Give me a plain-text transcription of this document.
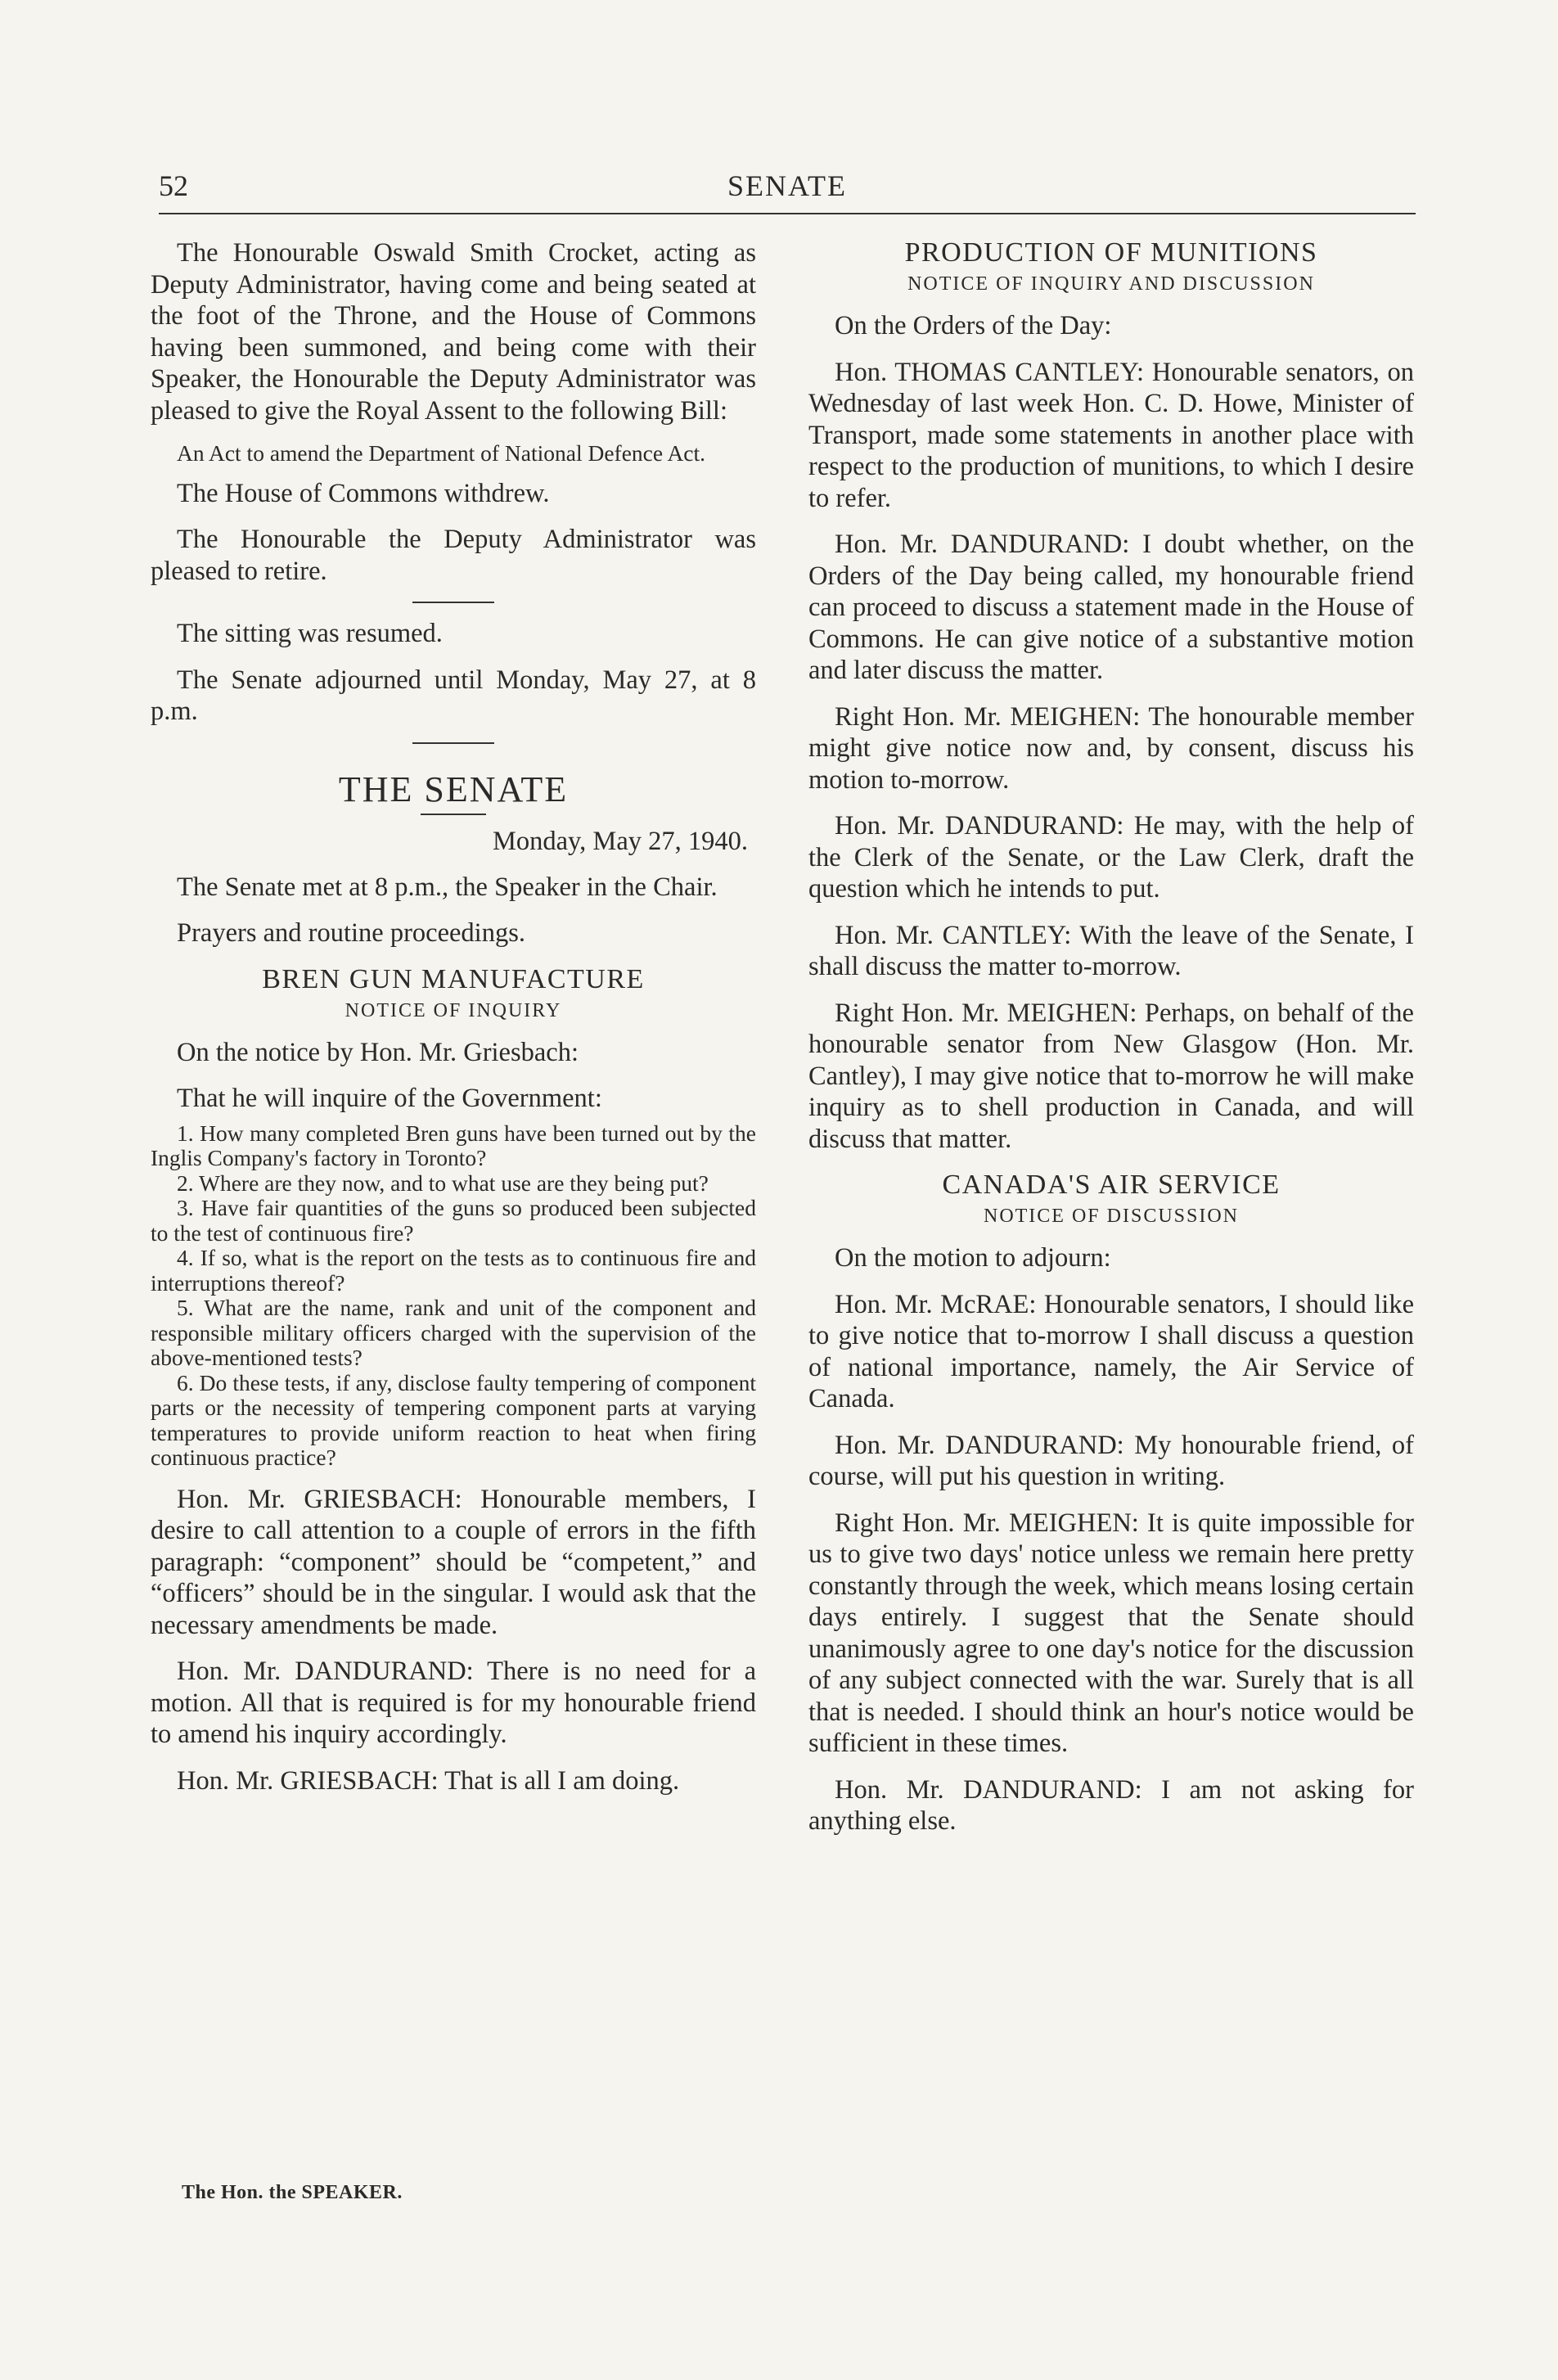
52	SENATE

The Honourable Oswald Smith Crocket, acting as Deputy Administrator, having come and being seated at the foot of the Throne, and the House of Commons having been summoned, and being come with their Speaker, the Honourable the Deputy Administrator was pleased to give the Royal Assent to the following Bill:

An Act to amend the Department of National Defence Act.

The House of Commons withdrew.

The Honourable the Deputy Administrator was pleased to retire.

The sitting was resumed.

The Senate adjourned until Monday, May 27, at 8 p.m.

THE SENATE

Monday, May 27, 1940.

The Senate met at 8 p.m., the Speaker in the Chair.

Prayers and routine proceedings.

BREN GUN MANUFACTURE

NOTICE OF INQUIRY

On the notice by Hon. Mr. Griesbach:

That he will inquire of the Government:

1. How many completed Bren guns have been turned out by the Inglis Company's factory in Toronto?

2. Where are they now, and to what use are they being put?

3. Have fair quantities of the guns so produced been subjected to the test of continuous fire?

4. If so, what is the report on the tests as to continuous fire and interruptions thereof?

5. What are the name, rank and unit of the component and responsible military officers charged with the supervision of the above-mentioned tests?

6. Do these tests, if any, disclose faulty tempering of component parts or the necessity of tempering component parts at varying temperatures to provide uniform reaction to heat when firing continuous practice?

Hon. Mr. GRIESBACH: Honourable members, I desire to call attention to a couple of errors in the fifth paragraph: “component” should be “competent,” and “officers” should be in the singular. I would ask that the necessary amendments be made.

Hon. Mr. DANDURAND: There is no need for a motion. All that is required is for my honourable friend to amend his inquiry accordingly.

Hon. Mr. GRIESBACH: That is all I am doing.

PRODUCTION OF MUNITIONS

NOTICE OF INQUIRY AND DISCUSSION

On the Orders of the Day:

Hon. THOMAS CANTLEY: Honourable senators, on Wednesday of last week Hon. C. D. Howe, Minister of Transport, made some statements in another place with respect to the production of munitions, to which I desire to refer.

Hon. Mr. DANDURAND: I doubt whether, on the Orders of the Day being called, my honourable friend can proceed to discuss a statement made in the House of Commons. He can give notice of a substantive motion and later discuss the matter.

Right Hon. Mr. MEIGHEN: The honourable member might give notice now and, by consent, discuss his motion to-morrow.

Hon. Mr. DANDURAND: He may, with the help of the Clerk of the Senate, or the Law Clerk, draft the question which he intends to put.

Hon. Mr. CANTLEY: With the leave of the Senate, I shall discuss the matter to-morrow.

Right Hon. Mr. MEIGHEN: Perhaps, on behalf of the honourable senator from New Glasgow (Hon. Mr. Cantley), I may give notice that to-morrow he will make inquiry as to shell production in Canada, and will discuss that matter.

CANADA'S AIR SERVICE

NOTICE OF DISCUSSION

On the motion to adjourn:

Hon. Mr. McRAE: Honourable senators, I should like to give notice that to-morrow I shall discuss a question of national importance, namely, the Air Service of Canada.

Hon. Mr. DANDURAND: My honourable friend, of course, will put his question in writing.

Right Hon. Mr. MEIGHEN: It is quite impossible for us to give two days' notice unless we remain here pretty constantly through the week, which means losing certain days entirely. I suggest that the Senate should unanimously agree to one day's notice for the discussion of any subject connected with the war. Surely that is all that is needed. I should think an hour's notice would be sufficient in these times.

Hon. Mr. DANDURAND: I am not asking for anything else.

The Hon. the SPEAKER.
